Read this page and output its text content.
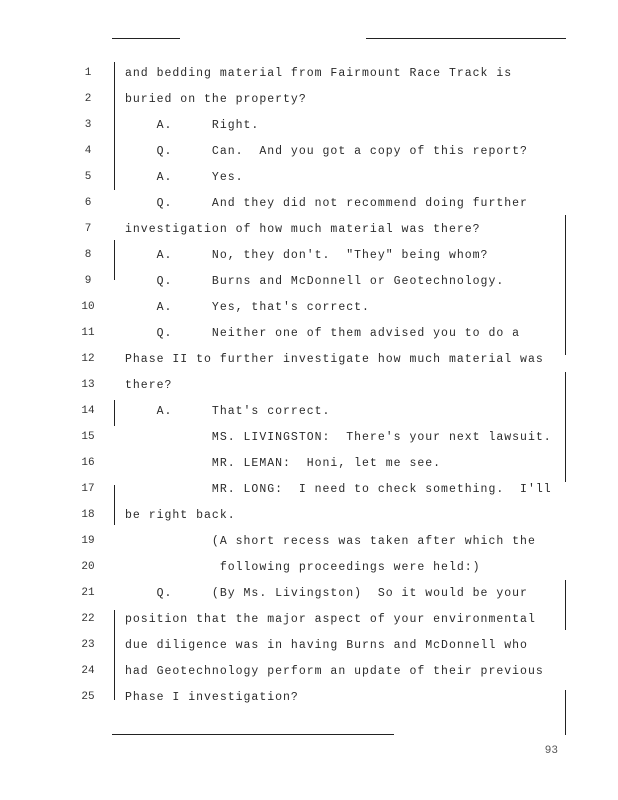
1	and bedding material from Fairmount Race Track is
2	buried on the property?
3	A.     Right.
4	Q.     Can.  And you got a copy of this report?
5	A.     Yes.
6	Q.     And they did not recommend doing further
7	investigation of how much material was there?
8	A.     No, they don't.  "They" being whom?
9	Q.     Burns and McDonnell or Geotechnology.
10	A.     Yes, that's correct.
11	Q.     Neither one of them advised you to do a
12	Phase II to further investigate how much material was
13	there?
14	A.     That's correct.
15	MS. LIVINGSTON:  There's your next lawsuit.
16	MR. LEMAN:  Honi, let me see.
17	MR. LONG:  I need to check something.  I'll
18	be right back.
19	(A short recess was taken after which the
20	following proceedings were held:)
21	Q.     (By Ms. Livingston)  So it would be your
22	position that the major aspect of your environmental
23	due diligence was in having Burns and McDonnell who
24	had Geotechnology perform an update of their previous
25	Phase I investigation?
93
